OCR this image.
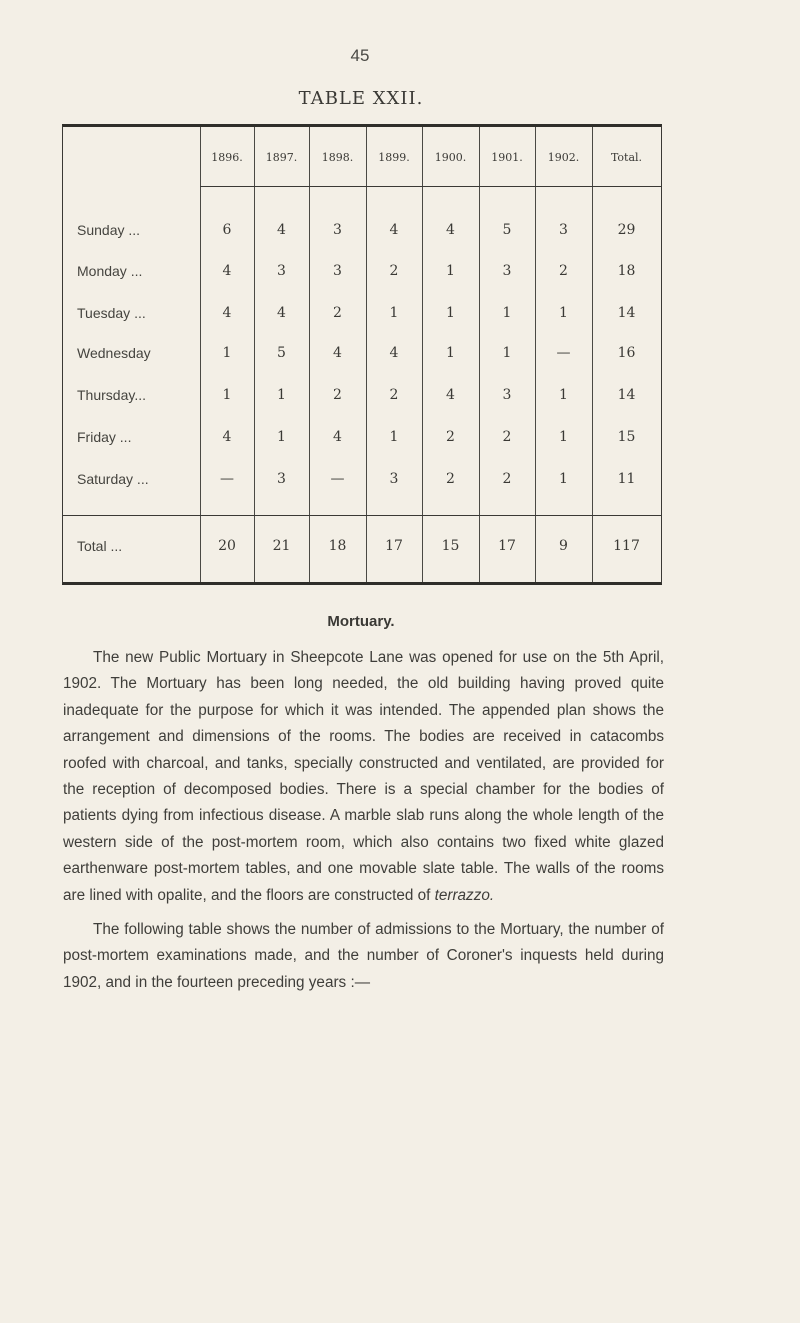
45
TABLE XXII.
1896.	1897.	1898.	1899.	1900.	1901.	1902.	Total.
Sunday ...	6	4	3	4	4	5	3	29
Monday ...	4	3	3	2	1	3	2	18
Tuesday ...	4	4	2	1	1	1	1	14
Wednesday	1	5	4	4	1	1	—	16
Thursday...	1	1	2	2	4	3	1	14
Friday ...	4	1	4	1	2	2	1	15
Saturday ...	—	3	—	3	2	2	1	11
Total ...	20	21	18	17	15	17	9	117
Mortuary.
The new Public Mortuary in Sheepcote Lane was opened for use on the 5th April, 1902. The Mortuary has been long needed, the old building having proved quite inadequate for the purpose for which it was intended. The appended plan shows the arrangement and dimensions of the rooms. The bodies are received in catacombs roofed with charcoal, and tanks, specially constructed and ventilated, are provided for the reception of decomposed bodies. There is a special chamber for the bodies of patients dying from infectious disease. A marble slab runs along the whole length of the western side of the post-mortem room, which also contains two fixed white glazed earthenware post-mortem tables, and one movable slate table. The walls of the rooms are lined with opalite, and the floors are constructed of terrazzo.
The following table shows the number of admissions to the Mortuary, the number of post-mortem examinations made, and the number of Coroner's inquests held during 1902, and in the fourteen preceding years :—
